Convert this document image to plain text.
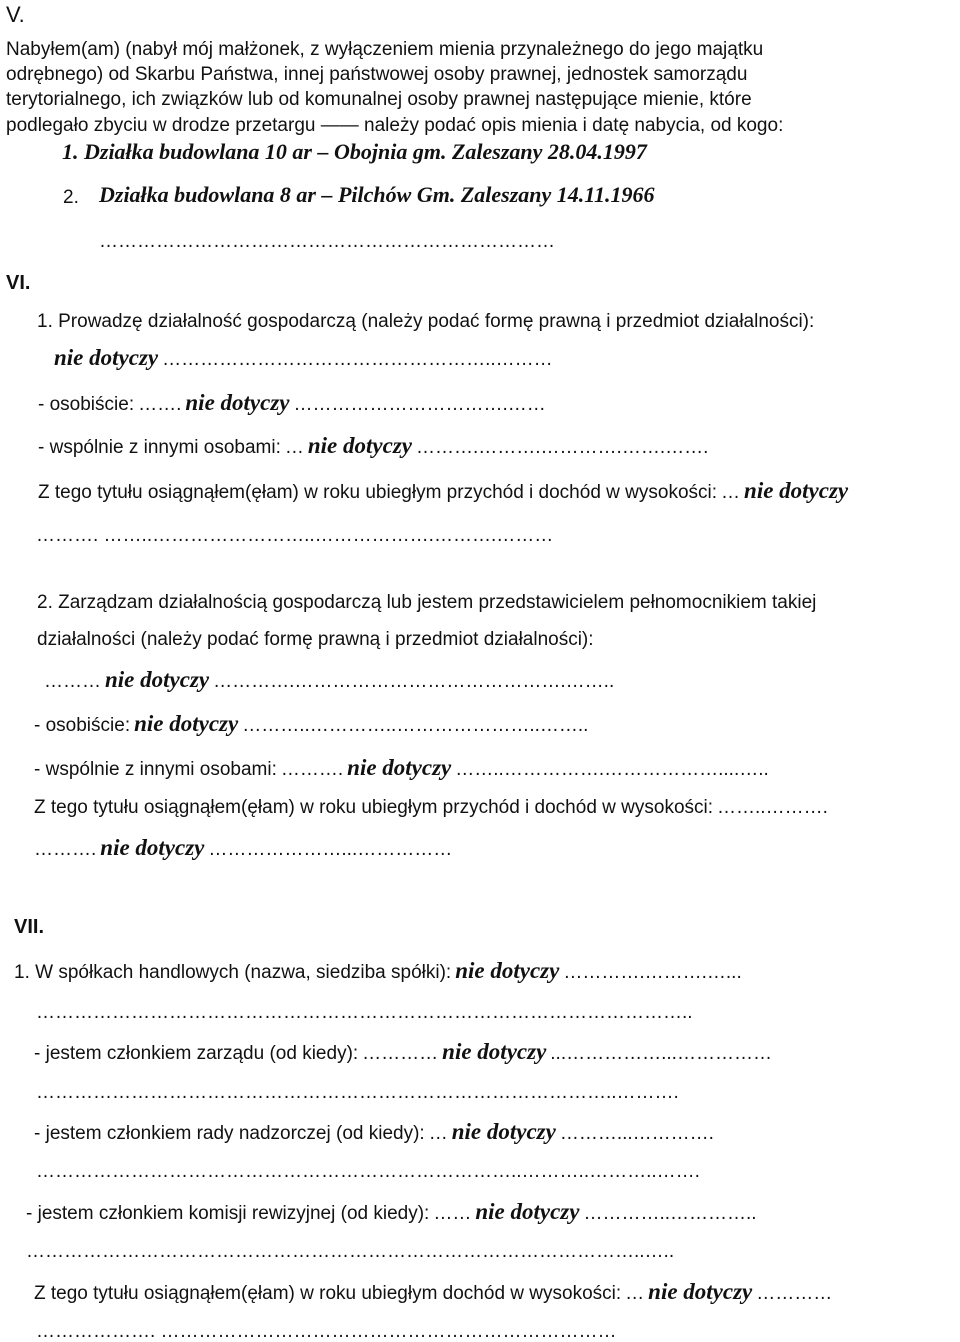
V.
Nabyłem(am) (nabył mój małżonek, z wyłączeniem mienia przynależnego do jego majątku
odrębnego) od Skarbu Państwa, innej państwowej osoby prawnej, jednostek samorządu
terytorialnego, ich związków lub od komunalnej osoby prawnej następujące mienie, które
podlegało zbyciu w drodze przetargu —— należy podać opis mienia i datę nabycia, od kogo:
1. Działka budowlana 10 ar – Obojnia gm. Zaleszany 28.04.1997
2. Działka budowlana 8 ar – Pilchów Gm. Zaleszany 14.11.1966
………………………………………………………………
VI.
1. Prowadzę działalność gospodarczą (należy podać formę prawną i przedmiot działalności):
nie dotyczy ……………………………………………..………
- osobiście: ……. nie dotyczy …………………………….……
- wspólnie z innymi osobami: … nie dotyczy ……….……….………….…….…….
Z tego tytułu osiągnąłem(ęłam) w roku ubiegłym przychód i dochód w wysokości: … nie dotyczy
………. ……..……………………..……………….……….………
2. Zarządzam działalnością gospodarczą lub jestem przedstawicielem pełnomocnikiem takiej
działalności (należy podać formę prawną i przedmiot działalności):
……… nie dotyczy ………….…………………………………….……..
- osobiście: nie dotyczy ………..…………..…………………..……..
- wspólnie z innymi osobami: ………. nie dotyczy ……..…………….………………....…..
Z tego tytułu osiągnąłem(ęłam) w roku ubiegłym przychód i dochód w wysokości: ……..……….
………. nie dotyczy …………………...……………
VII.
1. W spółkach handlowych (nazwa, siedziba spółki): nie dotyczy ………….……….…...
…………………………………………………………………………………………..
- jestem członkiem zarządu (od kiedy): ………… nie dotyczy ...……………...……………
………………………………………………………………………………..……….
- jestem członkiem rady nadzorczej (od kiedy): … nie dotyczy ………...………….
…………………………………………………………………..………..………..…….
- jestem członkiem komisji rewizyjnej (od kiedy): …… nie dotyczy …………..…………..
……………………………………………………………………………………..…..
Z tego tytułu osiągnąłem(ęłam) w roku ubiegłym dochód w wysokości: … nie dotyczy …………
………………. ………………………………………………………………
